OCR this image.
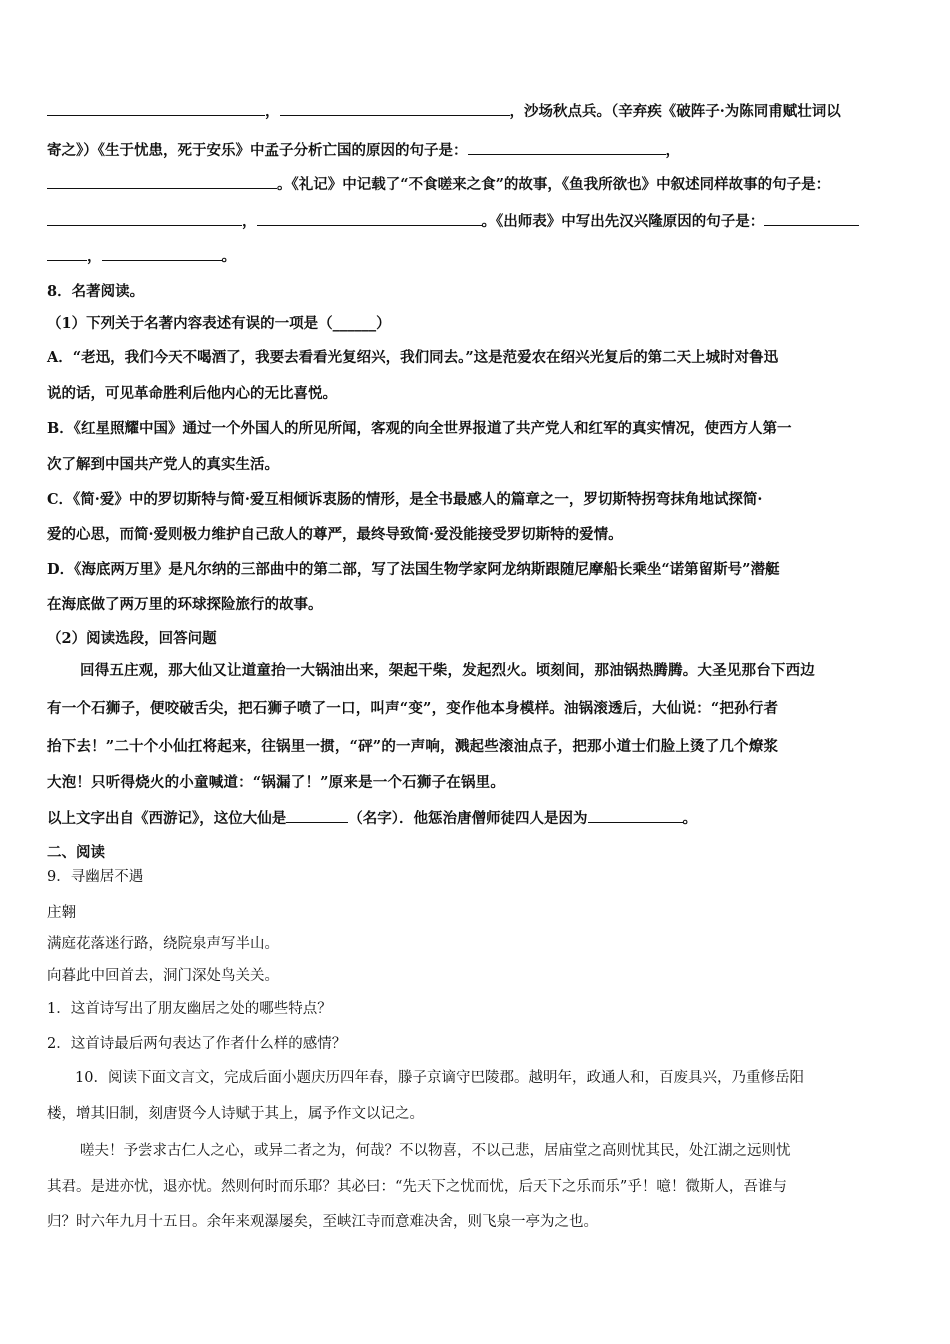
，	，沙场秋点兵。（辛弃疾《破阵子·为陈同甫赋壮词以
寄之》）《生于忧患，死于安乐》中孟子分析亡国的原因的句子是：	，
。《礼记》中记载了“不食嗟来之食”的故事，《鱼我所欲也》中叙述同样故事的句子是：
，	。《出师表》中写出先汉兴隆原因的句子是：
，	。
8．名著阅读。
（1）下列关于名著内容表述有误的一项是（______）
A．“老迅，我们今天不喝酒了，我要去看看光复绍兴，我们同去。”这是范爱农在绍兴光复后的第二天上城时对鲁迅
说的话，可见革命胜利后他内心的无比喜悦。
B．《红星照耀中国》通过一个外国人的所见所闻，客观的向全世界报道了共产党人和红军的真实情况，使西方人第一
次了解到中国共产党人的真实生活。
C．《简·爱》中的罗切斯特与简·爱互相倾诉衷肠的情形，是全书最感人的篇章之一，罗切斯特拐弯抹角地试探简·
爱的心思，而简·爱则极力维护自己敌人的尊严，最终导致简·爱没能接受罗切斯特的爱情。
D．《海底两万里》是凡尔纳的三部曲中的第二部，写了法国生物学家阿龙纳斯跟随尼摩船长乘坐“诺第留斯号”潜艇
在海底做了两万里的环球探险旅行的故事。
（2）阅读选段，回答问题
回得五庄观，那大仙又让道童抬一大锅油出来，架起干柴，发起烈火。顷刻间，那油锅热腾腾。大圣见那台下西边
有一个石狮子，便咬破舌尖，把石狮子喷了一口，叫声“变”，变作他本身模样。油锅滚透后，大仙说：“把孙行者
抬下去！”二十个小仙扛将起来，往锅里一掼，“砰”的一声响，溅起些滚油点子，把那小道士们脸上烫了几个燎浆
大泡！只听得烧火的小童喊道：“锅漏了！”原来是一个石狮子在锅里。
以上文字出自《西游记》，这位大仙是	（名字）．他惩治唐僧师徒四人是因为	。
二、阅读
9．寻幽居不遇
庄翱
满庭花落迷行路，绕院泉声写半山。
向暮此中回首去，洞门深处鸟关关。
1．这首诗写出了朋友幽居之处的哪些特点？
2．这首诗最后两句表达了作者什么样的感情？
10．阅读下面文言文，完成后面小题庆历四年春，滕子京谪守巴陵郡。越明年，政通人和，百废具兴，乃重修岳阳
楼，增其旧制，刻唐贤今人诗赋于其上，属予作文以记之。
嗟夫！予尝求古仁人之心，或异二者之为，何哉？不以物喜，不以己悲，居庙堂之高则忧其民，处江湖之远则忧
其君。是进亦忧，退亦忧。然则何时而乐耶？其必曰：“先天下之忧而忧，后天下之乐而乐”乎！噫！微斯人，吾谁与
归？时六年九月十五日。余年来观瀑屡矣，至峡江寺而意难决舍，则飞泉一亭为之也。
